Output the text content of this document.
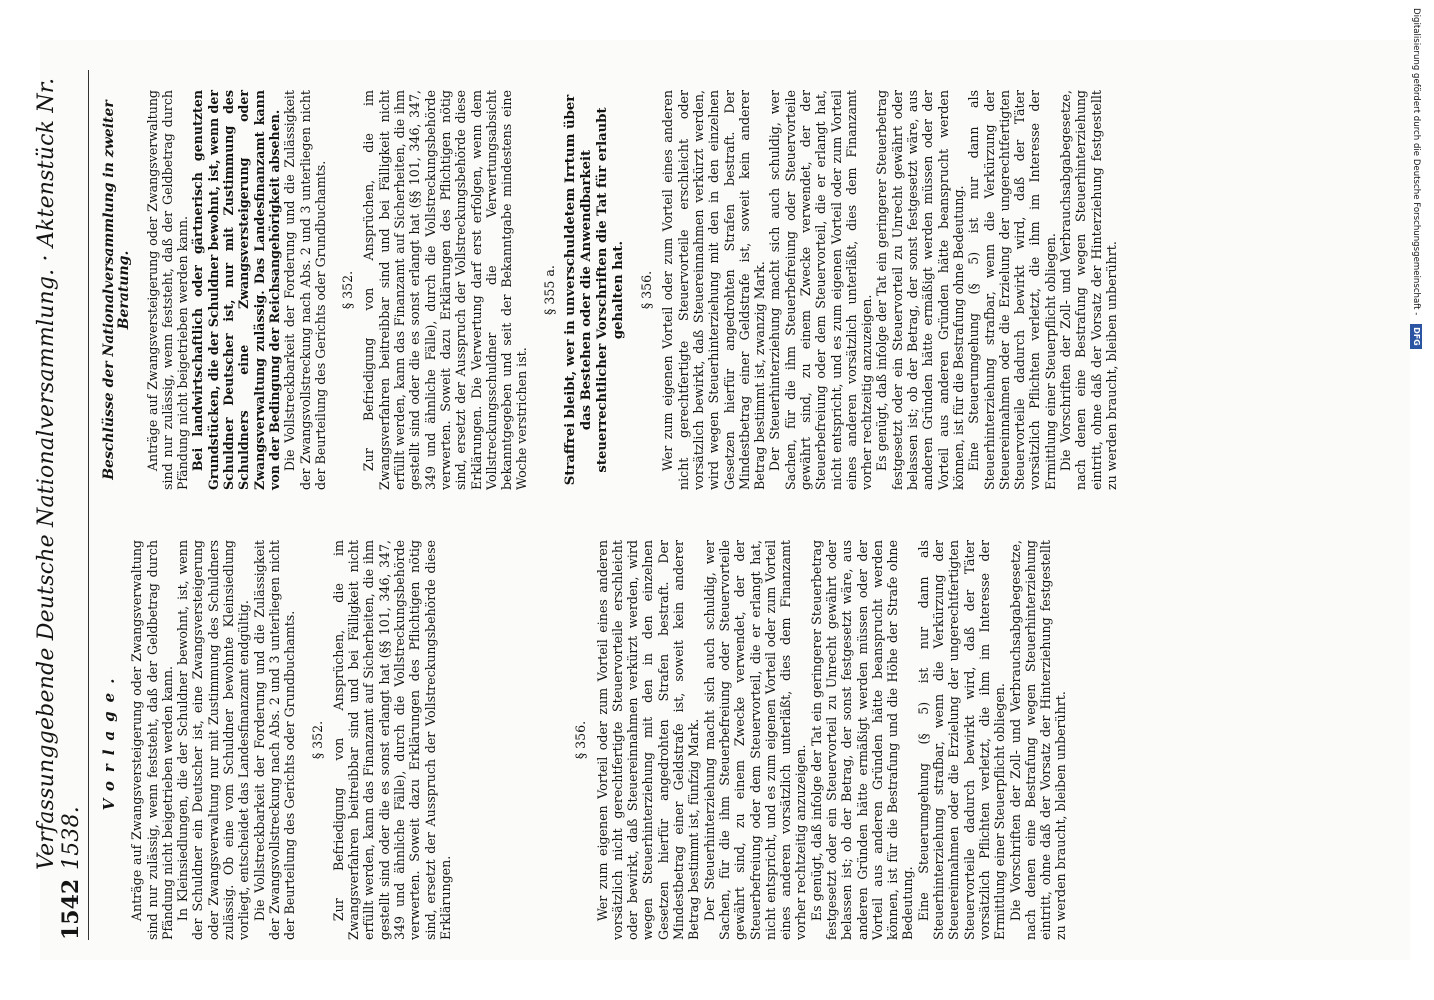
1542
Verfassunggebende Deutsche Nationalversammlung. · Aktenstück Nr. 1538.

Vorlage. Anträge auf Zwangsversteigerung oder Zwangsverwaltung sind nur zulässig, wenn feststeht, daß der Geldbetrag durch Pfändung nicht beigetrieben werden kann. In Kleinsiedlungen, die der Schuldner bewohnt, ist, wenn der Schuldner ein Deutscher ist, eine Zwangsversteigerung oder Zwangsverwaltung nur mit Zustimmung des Schuldners zulässig. Ob eine vom Schuldner bewohnte Kleinsiedlung vorliegt, entscheidet das Landesfinanzamt endgültig. Die Vollstreckbarkeit der Forderung und die Zulässigkeit der Zwangsvollstreckung nach Abs. 2 und 3 unterliegen nicht der Beurteilung des Gerichts oder Grundbuchamts. § 352. Zur Befriedigung von Ansprüchen, die im Zwangsverfahren beitreibbar sind und bei Fälligkeit nicht erfüllt werden, kann das Finanzamt auf Sicherheiten, die ihm gestellt sind oder die es sonst erlangt hat (§§ 101, 346, 347, 349 und ähnliche Fälle), durch die Vollstreckungsbehörde verwerten. Soweit dazu Erklärungen des Pflichtigen nötig sind, ersetzt der Ausspruch der Vollstreckungsbehörde diese Erklärungen.

§ 356. Wer zum eigenen Vorteil oder zum Vorteil eines anderen vorsätzlich nicht gerechtfertigte Steuervorteile erschleicht oder bewirkt, daß Steuereinnahmen verkürzt werden, wird wegen Steuerhinterziehung mit den in den einzelnen Gesetzen hierfür angedrohten Strafen bestraft. Der Mindestbetrag einer Geldstrafe ist, soweit kein anderer Betrag bestimmt ist, fünfzig Mark. Der Steuerhinterziehung macht sich auch schuldig, wer Sachen, für die ihm Steuerbefreiung oder Steuervorteile gewährt sind, zu einem Zwecke verwendet, der der Steuerbefreiung oder dem Steuervorteil, die er erlangt hat, nicht entspricht, und es zum eigenen Vorteil oder zum Vorteil eines anderen vorsätzlich unterläßt, dies dem Finanzamt vorher rechtzeitig anzuzeigen. Es genügt, daß infolge der Tat ein geringerer Steuerbetrag festgesetzt oder ein Steuervorteil zu Unrecht gewährt oder belassen ist; ob der Betrag, der sonst festgesetzt wäre, aus anderen Gründen hätte ermäßigt werden müssen oder der Vorteil aus anderen Gründen hätte beansprucht werden können, ist für die Bestrafung und die Höhe der Strafe ohne Bedeutung. Eine Steuerumgehung (§ 5) ist nur dann als Steuerhinterziehung strafbar, wenn die Verkürzung der Steuereinnahmen oder die Erzielung der ungerechtfertigten Steuervorteile dadurch bewirkt wird, daß der Täter vorsätzlich Pflichten verletzt, die ihm im Interesse der Ermittlung einer Steuerpflicht obliegen. Die Vorschriften der Zoll- und Verbrauchsabgabegesetze, nach denen eine Bestrafung wegen Steuerhinterziehung eintritt, ohne daß der Vorsatz der Hinterziehung festgestellt zu werden braucht, bleiben unberührt.

Beschlüsse der Nationalversammlung in zweiter Beratung. Anträge auf Zwangsversteigerung oder Zwangsverwaltung sind nur zulässig, wenn feststeht, daß der Geldbetrag durch Pfändung nicht beigetrieben werden kann. Bei landwirtschaftlich oder gärtnerisch genutzten Grundstücken, die der Schuldner bewohnt, ist, wenn der Schuldner Deutscher ist, nur mit Zustimmung des Schuldners eine Zwangsversteigerung oder Zwangsverwaltung zulässig. Das Landesfinanzamt kann von der Bedingung der Reichsangehörigkeit absehen. Die Vollstreckbarkeit der Forderung und die Zulässigkeit der Zwangsvollstreckung nach Abs. 2 und 3 unterliegen nicht der Beurteilung des Gerichts oder Grundbuchamts. § 352. Zur Befriedigung von Ansprüchen, die im Zwangsverfahren beitreibbar sind und bei Fälligkeit nicht erfüllt werden, kann das Finanzamt auf Sicherheiten, die ihm gestellt sind oder die es sonst erlangt hat (§§ 101, 346, 347, 349 und ähnliche Fälle), durch die Vollstreckungsbehörde verwerten. Soweit dazu Erklärungen des Pflichtigen nötig sind, ersetzt der Ausspruch der Vollstreckungsbehörde diese Erklärungen. Die Verwertung darf erst erfolgen, wenn dem Vollstreckungsschuldner die Verwertungsabsicht bekanntgegeben und seit der Bekanntgabe mindestens eine Woche verstrichen ist.

§ 355 a. Straffrei bleibt, wer in unverschuldetem Irrtum über das Bestehen oder die Anwendbarkeit steuerrechtlicher Vorschriften die Tat für erlaubt gehalten hat. § 356. Wer zum eigenen Vorteil oder zum Vorteil eines anderen nicht gerechtfertigte Steuervorteile erschleicht oder vorsätzlich bewirkt, daß Steuereinnahmen verkürzt werden, wird wegen Steuerhinterziehung mit den in den einzelnen Gesetzen hierfür angedrohten Strafen bestraft. Der Mindestbetrag einer Geldstrafe ist, soweit kein anderer Betrag bestimmt ist, zwanzig Mark. Der Steuerhinterziehung macht sich auch schuldig, wer Sachen, für die ihm Steuerbefreiung oder Steuervorteile gewährt sind, zu einem Zwecke verwendet, der der Steuerbefreiung oder dem Steuervorteil, die er erlangt hat, nicht entspricht, und es zum eigenen Vorteil oder zum Vorteil eines anderen vorsätzlich unterläßt, dies dem Finanzamt vorher rechtzeitig anzuzeigen. Es genügt, daß infolge der Tat ein geringerer Steuerbetrag festgesetzt oder ein Steuervorteil zu Unrecht gewährt oder belassen ist; ob der Betrag, der sonst festgesetzt wäre, aus anderen Gründen hätte ermäßigt werden müssen oder der Vorteil aus anderen Gründen hätte beansprucht werden können, ist für die Bestrafung ohne Bedeutung. Eine Steuerumgehung (§ 5) ist nur dann als Steuerhinterziehung strafbar, wenn die Verkürzung der Steuereinnahmen oder die Erzielung der ungerechtfertigten Steuervorteile dadurch bewirkt wird, daß der Täter vorsätzlich Pflichten verletzt, die ihm im Interesse der Ermittlung einer Steuerpflicht obliegen. Die Vorschriften der Zoll- und Verbrauchsabgabegesetze, nach denen eine Bestrafung wegen Steuerhinterziehung eintritt, ohne daß der Vorsatz der Hinterziehung festgestellt zu werden braucht, bleiben unberührt.

Digitalisierung gefördert durch die Deutsche Forschungsgemeinschaft - DFG
